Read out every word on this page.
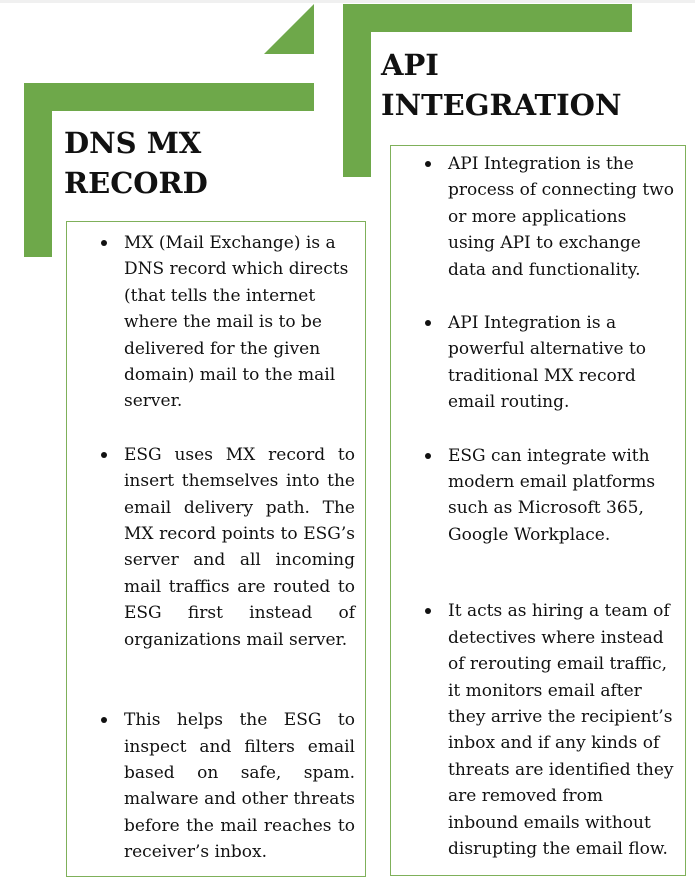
DNS MX
RECORD
API
INTEGRATION
MX (Mail Exchange) is a DNS record which directs (that tells the internet where the mail is to be delivered for the given domain) mail to the mail server.
ESG uses MX record to insert themselves into the email delivery path. The MX record points to ESG’s server and all incoming mail traffics are routed to ESG first instead of organizations mail server.
This helps the ESG to inspect and filters email based on safe, spam. malware and other threats before the mail reaches to receiver’s inbox.
API Integration is the process of connecting two or more applications using API to exchange data and functionality.
API Integration is a powerful alternative to traditional MX record email routing.
ESG can integrate with modern email platforms such as Microsoft 365, Google Workplace.
It acts as hiring a team of detectives where instead of rerouting email traffic, it monitors email after they arrive the recipient’s inbox and if any kinds of threats are identified they are removed from inbound emails without disrupting the email flow.
